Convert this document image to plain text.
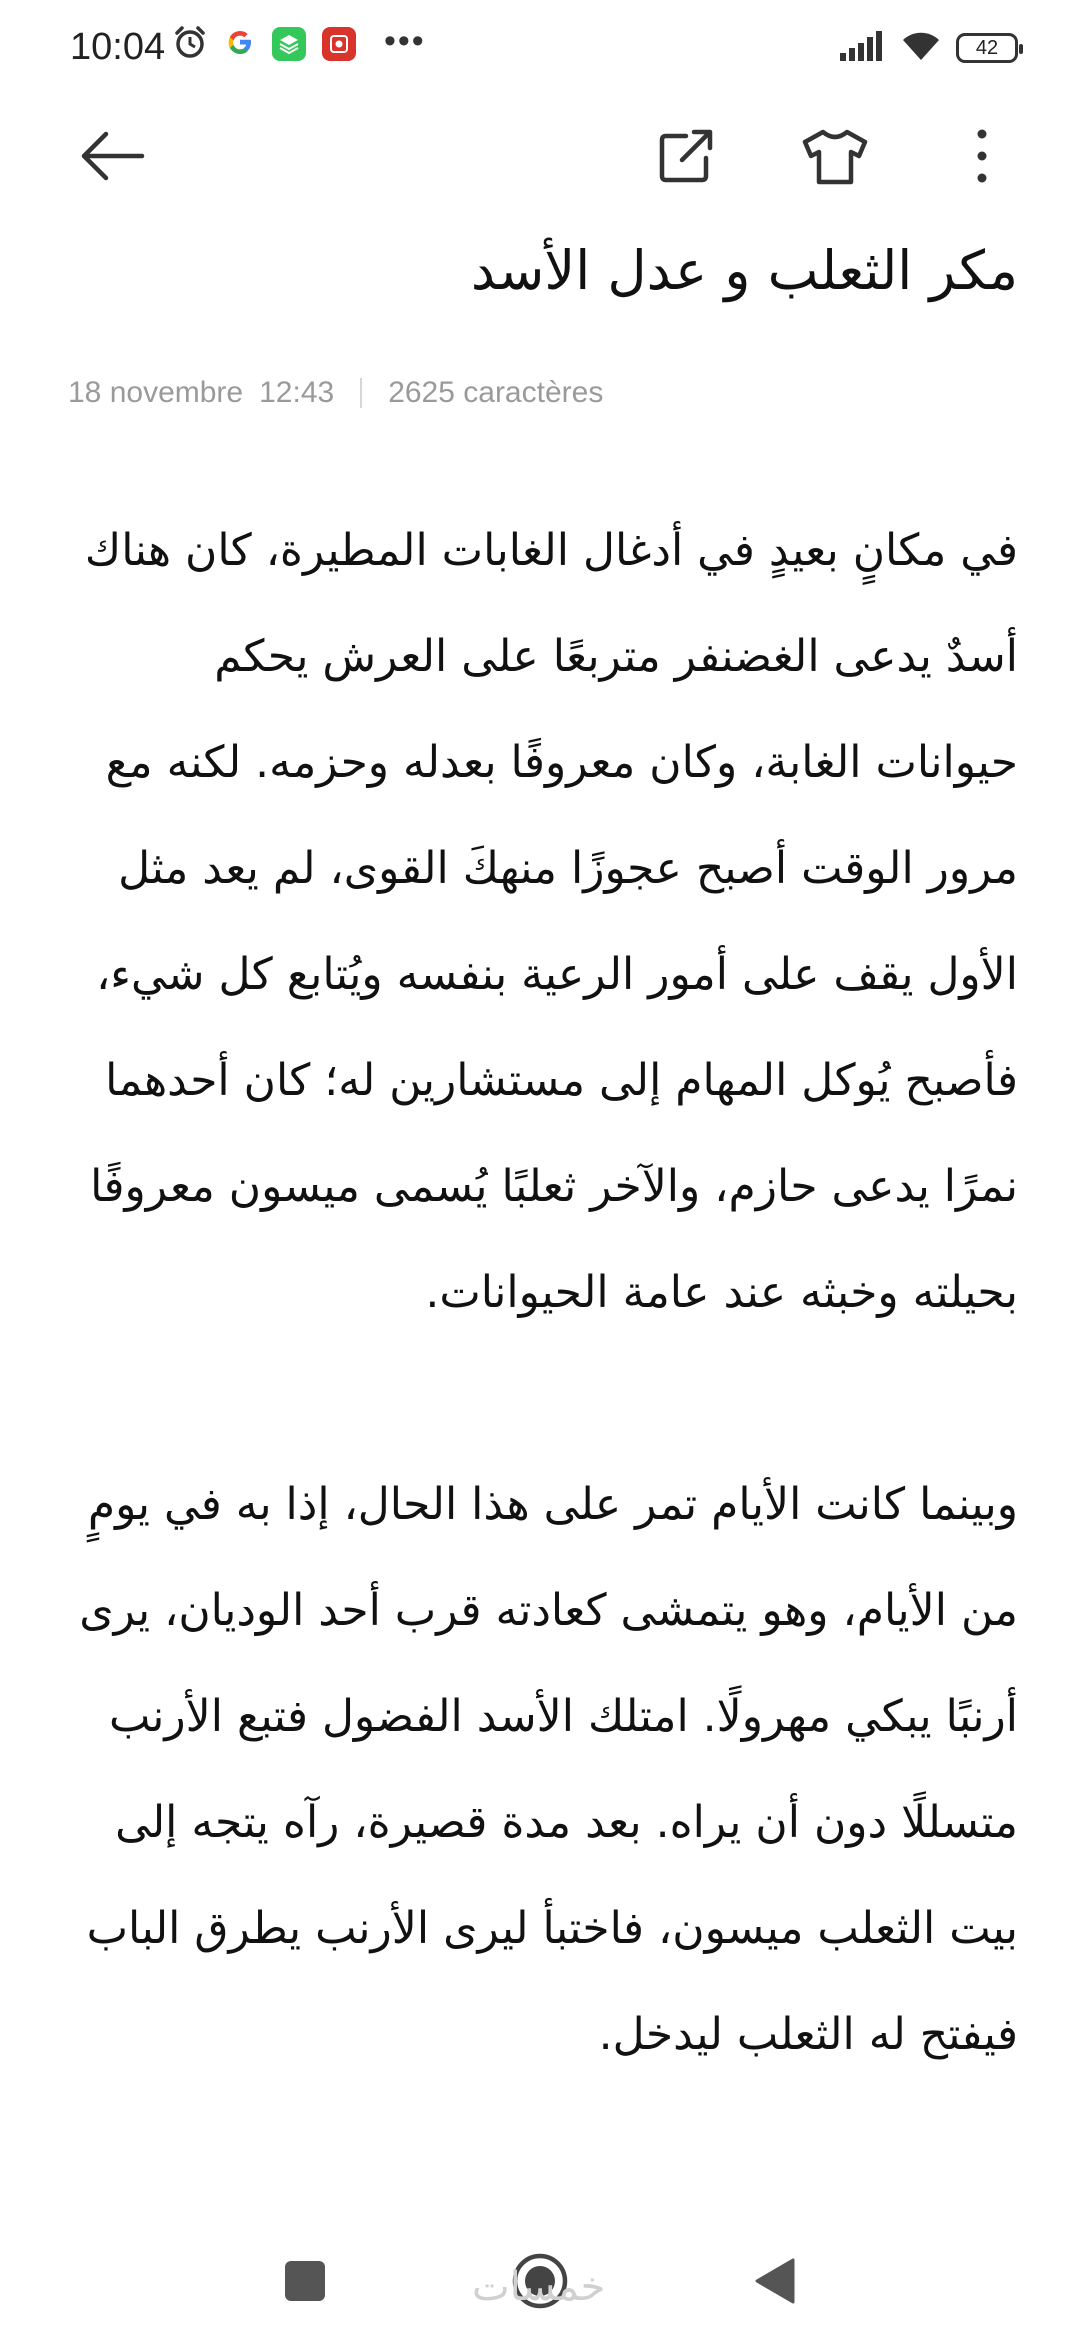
10:04	•••	42
مكر الثعلب و عدل الأسد
18 novembre 12:43 2625 caractères

في مكانٍ بعيدٍ في أدغال الغابات المطيرة، كان هناك أسدٌ يدعى الغضنفر متربعًا على العرش يحكم حيوانات الغابة، وكان معروفًا بعدله وحزمه. لكنه مع مرور الوقت أصبح عجوزًا منهكَ القوى، لم يعد مثل الأول يقف على أمور الرعية بنفسه ويُتابع كل شيء، فأصبح يُوكل المهام إلى مستشارين له؛ كان أحدهما نمرًا يدعى حازم، والآخر ثعلبًا يُسمى ميسون معروفًا بحيلته وخبثه عند عامة الحيوانات.

وبينما كانت الأيام تمر على هذا الحال، إذا به في يومٍ من الأيام، وهو يتمشى كعادته قرب أحد الوديان، يرى أرنبًا يبكي مهرولًا. امتلك الأسد الفضول فتبع الأرنب متسللًا دون أن يراه. بعد مدة قصيرة، رآه يتجه إلى بيت الثعلب ميسون، فاختبأ ليرى الأرنب يطرق الباب فيفتح له الثعلب ليدخل.

خمسات
